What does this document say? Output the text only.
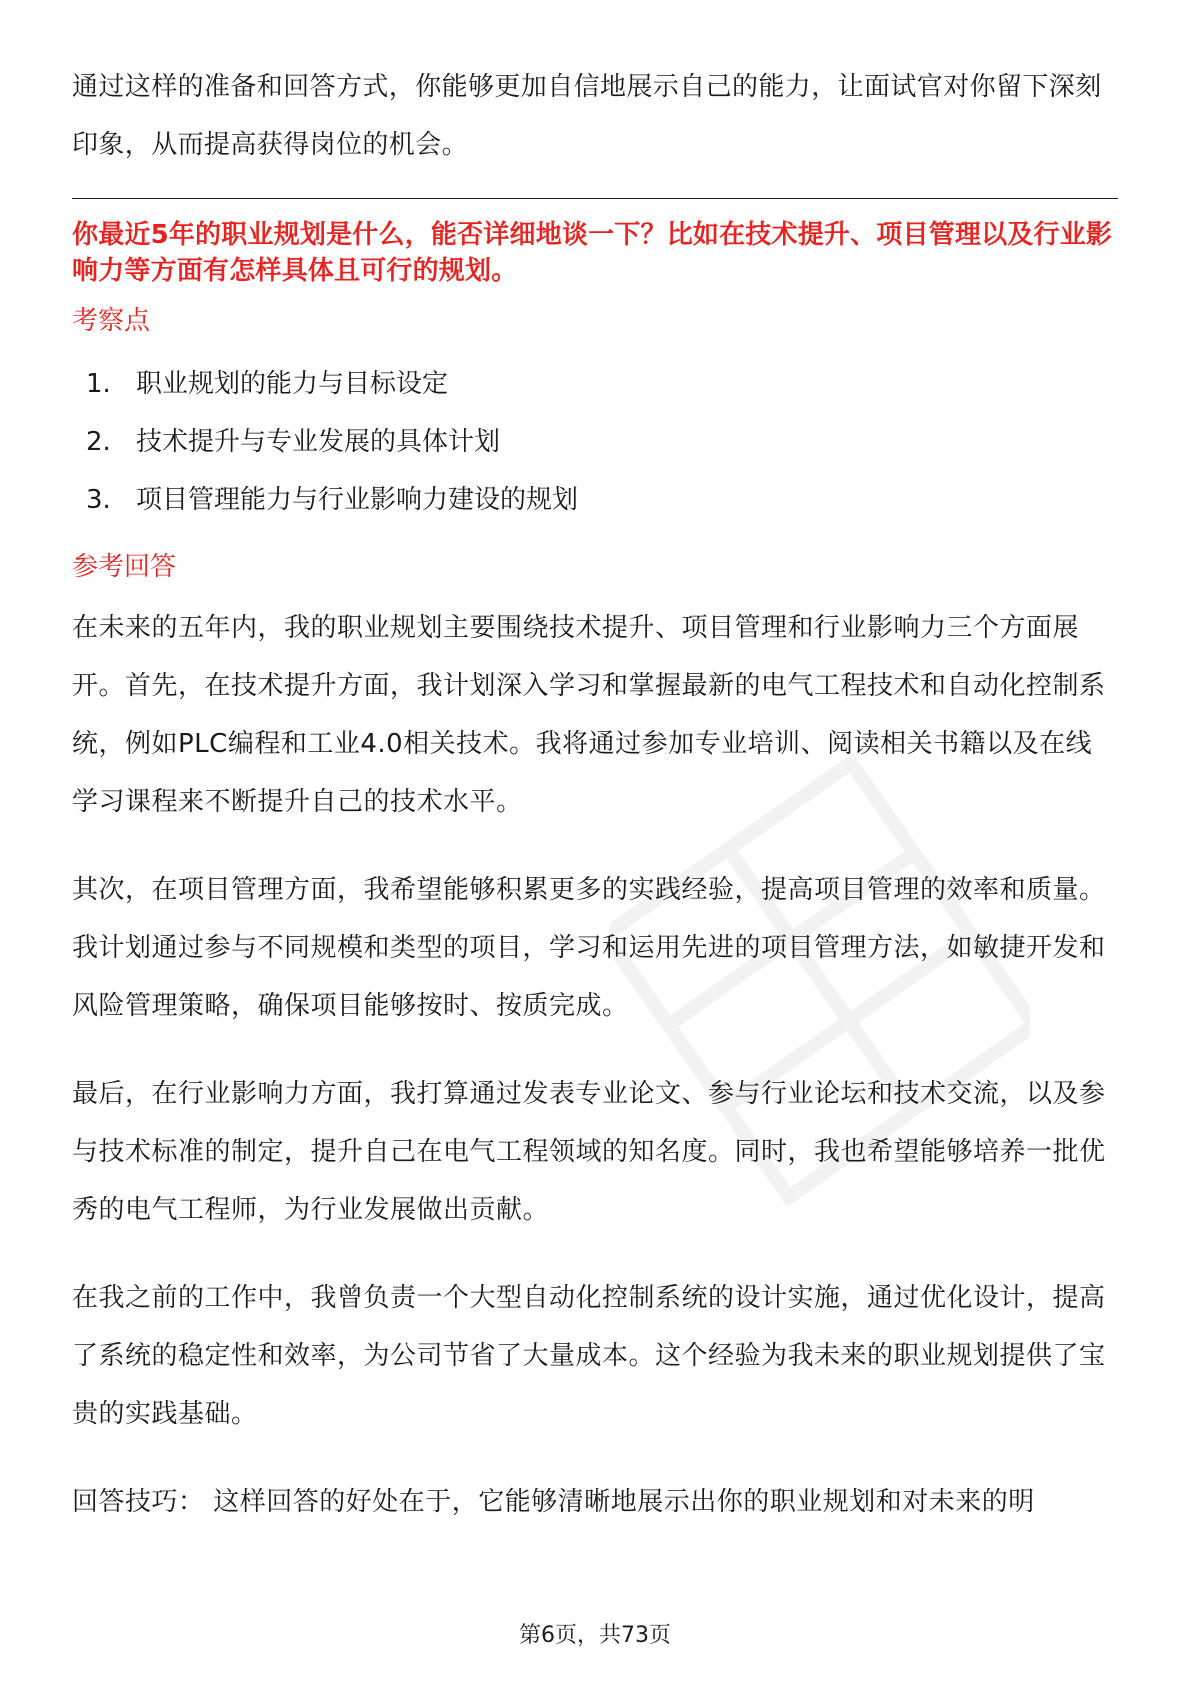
通过这样的准备和回答方式，你能够更加自信地展示自己的能力，让面试官对你留下深刻印象，从而提高获得岗位的机会。

你最近5年的职业规划是什么，能否详细地谈一下？比如在技术提升、项目管理以及行业影响力等方面有怎样具体且可行的规划。

考察点
1. 职业规划的能力与目标设定
2. 技术提升与专业发展的具体计划
3. 项目管理能力与行业影响力建设的规划
参考回答

在未来的五年内，我的职业规划主要围绕技术提升、项目管理和行业影响力三个方面展开。首先，在技术提升方面，我计划深入学习和掌握最新的电气工程技术和自动化控制系统，例如PLC编程和工业4.0相关技术。我将通过参加专业培训、阅读相关书籍以及在线学习课程来不断提升自己的技术水平。

其次，在项目管理方面，我希望能够积累更多的实践经验，提高项目管理的效率和质量。我计划通过参与不同规模和类型的项目，学习和运用先进的项目管理方法，如敏捷开发和风险管理策略，确保项目能够按时、按质完成。

最后，在行业影响力方面，我打算通过发表专业论文、参与行业论坛和技术交流，以及参与技术标准的制定，提升自己在电气工程领域的知名度。同时，我也希望能够培养一批优秀的电气工程师，为行业发展做出贡献。

在我之前的工作中，我曾负责一个大型自动化控制系统的设计实施，通过优化设计，提高了系统的稳定性和效率，为公司节省了大量成本。这个经验为我未来的职业规划提供了宝贵的实践基础。

回答技巧： 这样回答的好处在于，它能够清晰地展示出你的职业规划和对未来的明

第6页，共73页
